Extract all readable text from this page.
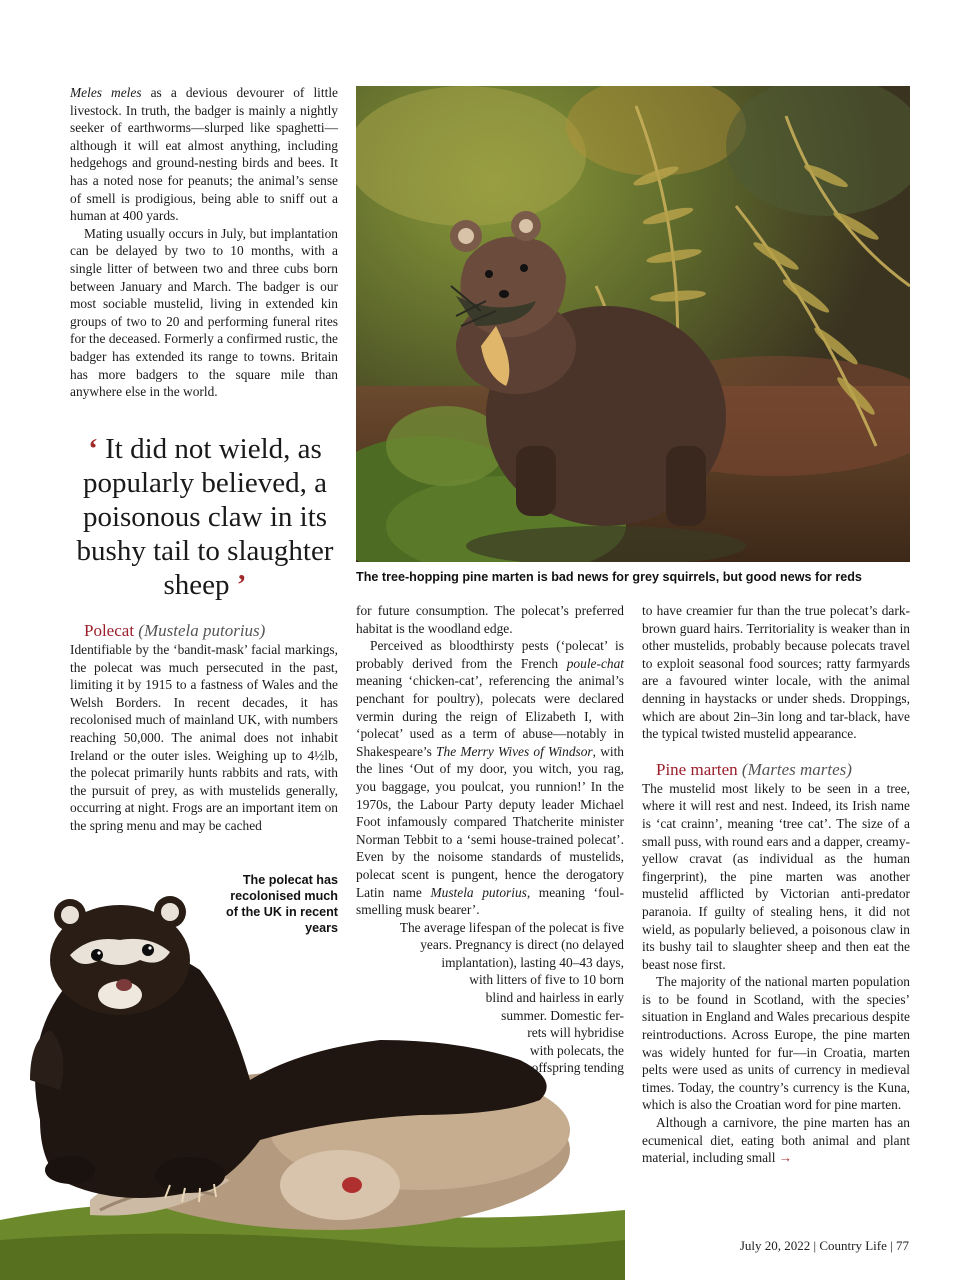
Meles meles as a devious devourer of little livestock. In truth, the badger is mainly a nightly seeker of earthworms—slurped like spaghetti—although it will eat almost anything, including hedgehogs and ground-nesting birds and bees. It has a noted nose for peanuts; the animal’s sense of smell is prodigious, being able to sniff out a human at 400 yards.

Mating usually occurs in July, but implantation can be delayed by two to 10 months, with a single litter of between two and three cubs born between January and March. The badger is our most sociable mustelid, living in extended kin groups of two to 20 and performing funeral rites for the deceased. Formerly a confirmed rustic, the badger has extended its range to towns. Britain has more badgers to the square mile than anywhere else in the world.

The tree-hopping pine marten is bad news for grey squirrels, but good news for reds
‘ It did not wield, as popularly believed, a poisonous claw in its bushy tail to slaughter sheep ’

Polecat (Mustela putorius)

Identifiable by the ‘bandit-mask’ facial markings, the polecat was much persecuted in the past, limiting it by 1915 to a fastness of Wales and the Welsh Borders. In recent decades, it has recolonised much of mainland UK, with numbers reaching 50,000. The animal does not inhabit Ireland or the outer isles. Weighing up to 4½lb, the polecat primarily hunts rabbits and rats, with the pursuit of prey, as with mustelids generally, occurring at night. Frogs are an important item on the spring menu and may be cached

The polecat has recolonised much of the UK in recent years

for future consumption. The polecat’s preferred habitat is the woodland edge.

Perceived as bloodthirsty pests (‘polecat’ is probably derived from the French poule-chat meaning ‘chicken-cat’, referencing the animal’s penchant for poultry), polecats were declared vermin during the reign of Elizabeth I, with ‘polecat’ used as a term of abuse—notably in Shakespeare’s The Merry Wives of Windsor, with the lines ‘Out of my door, you witch, you rag, you baggage, you poulcat, you runnion!’ In the 1970s, the Labour Party deputy leader Michael Foot infamously compared Thatcherite minister Norman Tebbit to a ‘semi house-trained polecat’. Even by the noisome standards of mustelids, polecat scent is pungent, hence the derogatory Latin name Mustela putorius, meaning ‘foul-smelling musk bearer’.

The average lifespan of the polecat is five
years. Pregnancy is direct (no delayed
implantation), lasting 40–43 days,
with litters of five to 10 born
blind and hairless in early
summer. Domestic fer-
rets will hybridise
with polecats, the
offspring tending

to have creamier fur than the true polecat’s dark-brown guard hairs. Territoriality is weaker than in other mustelids, probably because polecats travel to exploit seasonal food sources; ratty farmyards are a favoured winter locale, with the animal denning in haystacks or under sheds. Droppings, which are about 2in–3in long and tar-black, have the typical twisted mustelid appearance.

Pine marten (Martes martes)

The mustelid most likely to be seen in a tree, where it will rest and nest. Indeed, its Irish name is ‘cat crainn’, meaning ‘tree cat’. The size of a small puss, with round ears and a dapper, creamy-yellow cravat (as individual as the human fingerprint), the pine marten was another mustelid afflicted by Victorian anti-predator paranoia. If guilty of stealing hens, it did not wield, as popularly believed, a poisonous claw in its bushy tail to slaughter sheep and then eat the beast nose first.

The majority of the national marten population is to be found in Scotland, with the species’ situation in England and Wales precarious despite reintroductions. Across Europe, the pine marten was widely hunted for fur—in Croatia, marten pelts were used as units of currency in medieval times. Today, the country’s currency is the Kuna, which is also the Croatian word for pine marten.

Although a carnivore, the pine marten has an ecumenical diet, eating both animal and plant material, including small →

July 20, 2022 | Country Life | 77
